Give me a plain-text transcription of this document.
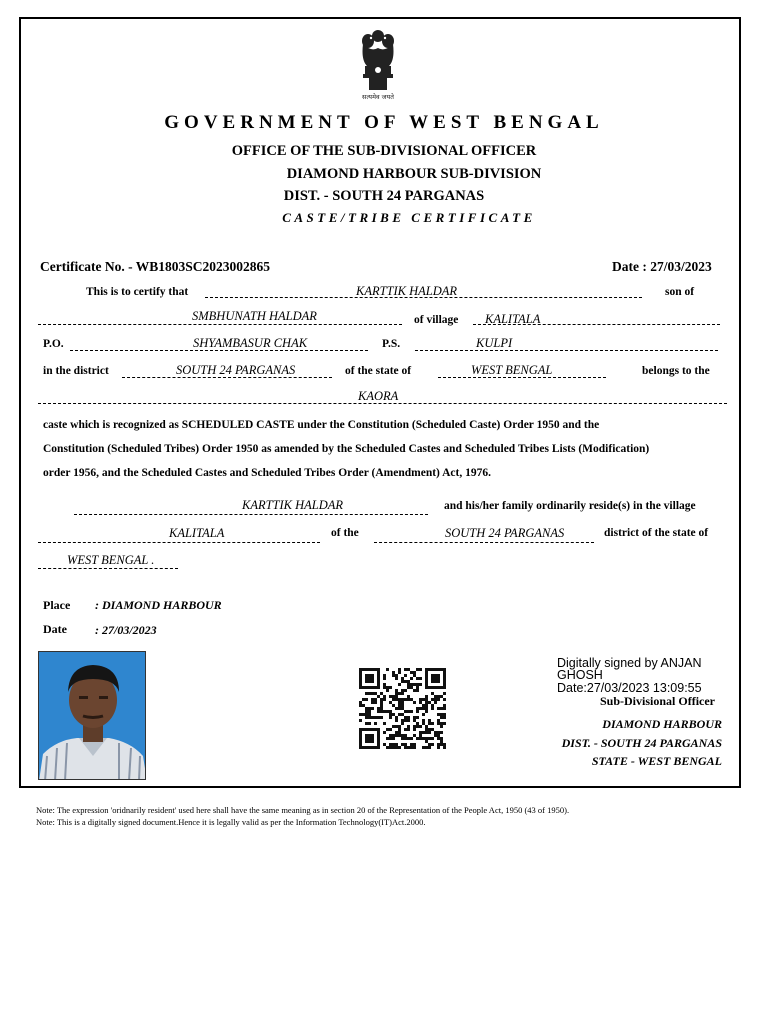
सत्यमेव जयते
GOVERNMENT OF WEST BENGAL
OFFICE OF THE SUB-DIVISIONAL OFFICER
DIAMOND HARBOUR SUB-DIVISION
DIST. - SOUTH 24 PARGANAS
CASTE/TRIBE CERTIFICATE
Certificate No. - WB1803SC2023002865	Date : 27/03/2023
This is to certify that	KARTTIK HALDAR	son of
SMBHUNATH HALDAR	of village KALITALA
P.O.	SHYAMBASUR CHAK	P.S.	KULPI
in the district	SOUTH 24 PARGANAS	of the state of	WEST BENGAL	belongs to the
KAORA
caste which is recognized as SCHEDULED CASTE under the Constitution (Scheduled Caste) Order 1950 and the
Constitution (Scheduled Tribes) Order 1950 as amended by the Scheduled Castes and Scheduled Tribes Lists (Modification)
order 1956, and the Scheduled Castes and Scheduled Tribes Order (Amendment) Act, 1976.
KARTTIK HALDAR	and his/her family ordinarily reside(s) in the village
KALITALA	of the	SOUTH 24 PARGANAS	district of the state of
WEST BENGAL .
Place : DIAMOND HARBOUR
Date : 27/03/2023
Digitally signed by ANJAN
GHOSH
Date:27/03/2023 13:09:55
Sub-Divisional Officer
DIAMOND HARBOUR
DIST. - SOUTH 24 PARGANAS
STATE - WEST BENGAL
Note: The expression 'oridnarily resident' used here shall have the same meaning as in section 20 of the Representation of the People Act, 1950 (43 of 1950).
Note: This is a digitally signed document.Hence it is legally valid as per the Information Technology(IT)Act.2000.
